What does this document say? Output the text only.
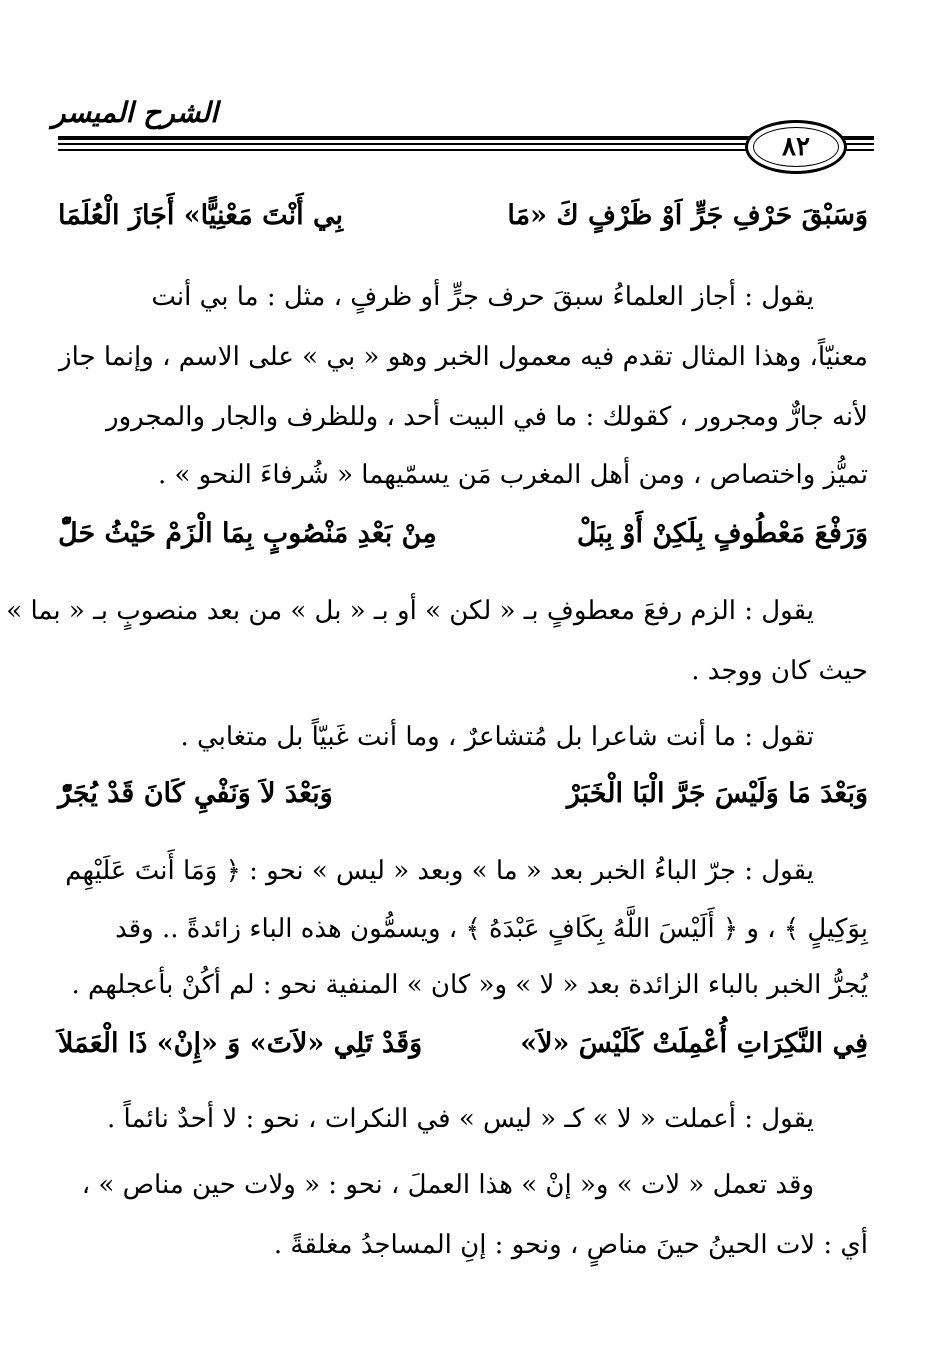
الشرح الميسر
٨٢
وَسَبْقَ حَرْفِ جَرٍّ اَوْ ظَرْفٍ كَ «مَا
بِي أَنْتَ مَعْنِيًّا» أَجَازَ الْعُلَمَا
يقول : أجاز العلماءُ سبقَ حرف جرٍّ أو ظرفٍ ، مثل : ما بي أنت
معنيّاً، وهذا المثال تقدم فيه معمول الخبر وهو « بي » على الاسم ، وإنما جاز
لأنه جارٌّ ومجرور ، كقولك : ما في البيت أحد ، وللظرف والجار والمجرور
تميُّز واختصاص ، ومن أهل المغرب مَن يسمّيهما « شُرفاءَ النحو » .
وَرَفْعَ مَعْطُوفٍ بِلَكِنْ أَوْ بِبَلْ
مِنْ بَعْدِ مَنْصُوبٍ بِمَا الْزَمْ حَيْثُ حَلّْ
يقول : الزم رفعَ معطوفٍ بـ « لكن » أو بـ « بل » من بعد منصوبٍ بـ « بما »
حيث كان ووجد .
تقول : ما أنت شاعرا بل مُتشاعرٌ ، وما أنت غَبيّاً بل متغابي .
وَبَعْدَ مَا وَلَيْسَ جَرَّ الْبَا الْخَبَرْ
وَبَعْدَ لاَ وَنَفْيِ كَانَ قَدْ يُجَرّْ
يقول : جرّ الباءُ الخبر بعد « ما » وبعد « ليس » نحو : ﴿ وَمَا أَنتَ عَلَيْهِم
بِوَكِيلٍ ﴾ ، و ﴿ أَلَيْسَ اللَّهُ بِكَافٍ عَبْدَهُ ﴾ ، ويسمُّون هذه الباء زائدةً .. وقد
يُجرُّ الخبر بالباء الزائدة بعد « لا » و« كان » المنفية نحو : لم أكُنْ بأعجلهم .
فِي النَّكِرَاتِ أُعْمِلَتْ كَلَيْسَ «لاَ»
وَقَدْ تَلِي «لاَتَ» وَ «إِنْ» ذَا الْعَمَلاَ
يقول : أعملت « لا » كـ « ليس » في النكرات ، نحو : لا أحدٌ نائماً .
وقد تعمل « لات » و« إنْ » هذا العملَ ، نحو : « ولات حين مناص » ،
أي : لات الحينُ حينَ مناصٍ ، ونحو : إنِ المساجدُ مغلقةً .
